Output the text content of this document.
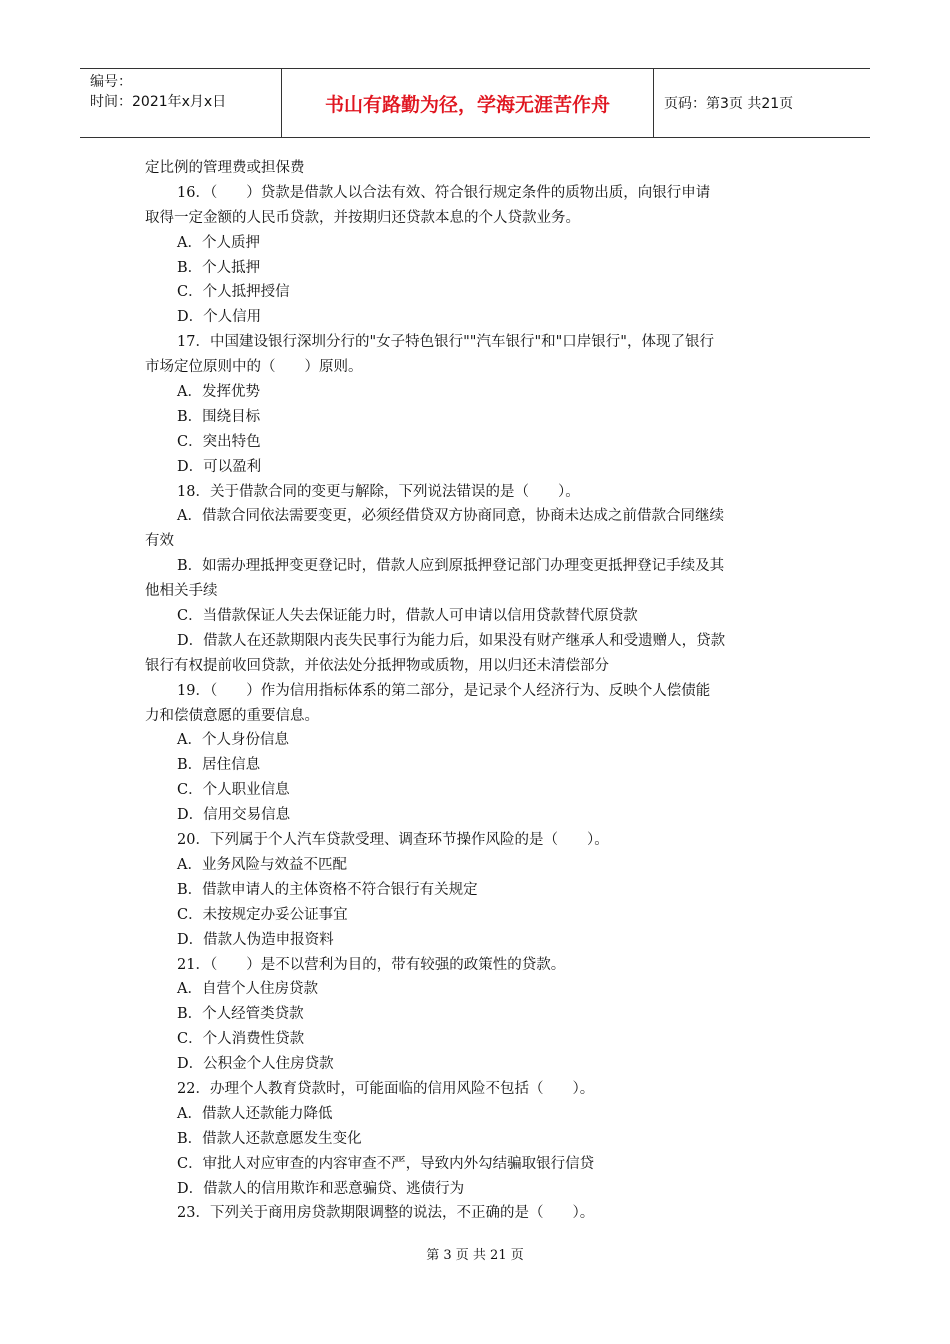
编号：
时间：2021年x月x日	书山有路勤为径，学海无涯苦作舟	页码：第3页 共21页
定比例的管理费或担保费
16．（　　）贷款是借款人以合法有效、符合银行规定条件的质物出质，向银行申请
取得一定金额的人民币贷款，并按期归还贷款本息的个人贷款业务。
A．个人质押
B．个人抵押
C．个人抵押授信
D．个人信用
17．中国建设银行深圳分行的"女子特色银行""汽车银行"和"口岸银行"，体现了银行
市场定位原则中的（　　）原则。
A．发挥优势
B．围绕目标
C．突出特色
D．可以盈利
18．关于借款合同的变更与解除，下列说法错误的是（　　）。
A．借款合同依法需要变更，必须经借贷双方协商同意，协商未达成之前借款合同继续
有效
B．如需办理抵押变更登记时，借款人应到原抵押登记部门办理变更抵押登记手续及其
他相关手续
C．当借款保证人失去保证能力时，借款人可申请以信用贷款替代原贷款
D．借款人在还款期限内丧失民事行为能力后，如果没有财产继承人和受遗赠人，贷款
银行有权提前收回贷款，并依法处分抵押物或质物，用以归还未清偿部分
19．（　　）作为信用指标体系的第二部分，是记录个人经济行为、反映个人偿债能
力和偿债意愿的重要信息。
A．个人身份信息
B．居住信息
C．个人职业信息
D．信用交易信息
20．下列属于个人汽车贷款受理、调查环节操作风险的是（　　）。
A．业务风险与效益不匹配
B．借款申请人的主体资格不符合银行有关规定
C．未按规定办妥公证事宜
D．借款人伪造申报资料
21．（　　）是不以营利为目的，带有较强的政策性的贷款。
A．自营个人住房贷款
B．个人经管类贷款
C．个人消费性贷款
D．公积金个人住房贷款
22．办理个人教育贷款时，可能面临的信用风险不包括（　　）。
A．借款人还款能力降低
B．借款人还款意愿发生变化
C．审批人对应审查的内容审查不严，导致内外勾结骗取银行信贷
D．借款人的信用欺诈和恶意骗贷、逃债行为
23．下列关于商用房贷款期限调整的说法，不正确的是（　　）。
第 3 页 共 21 页
